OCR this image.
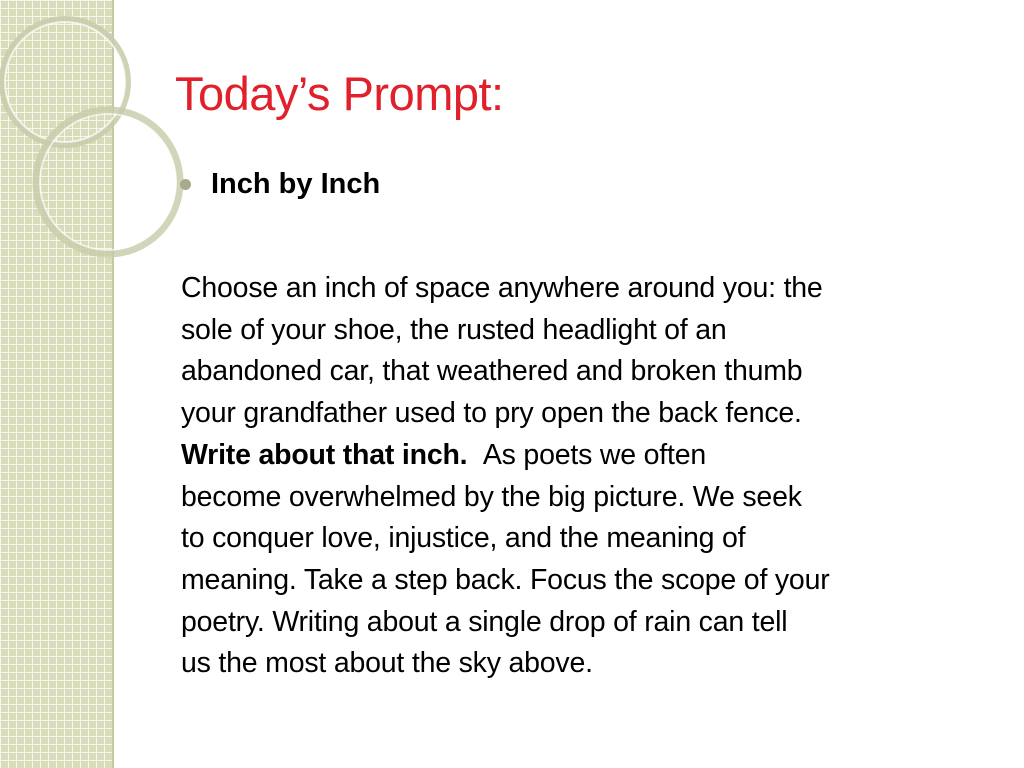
Today’s Prompt:
Inch by Inch
Choose an inch of space anywhere around you: the
sole of your shoe, the rusted headlight of an
abandoned car, that weathered and broken thumb
your grandfather used to pry open the back fence.
Write about that inch. As poets we often
become overwhelmed by the big picture. We seek
to conquer love, injustice, and the meaning of
meaning. Take a step back. Focus the scope of your
poetry. Writing about a single drop of rain can tell
us the most about the sky above.
